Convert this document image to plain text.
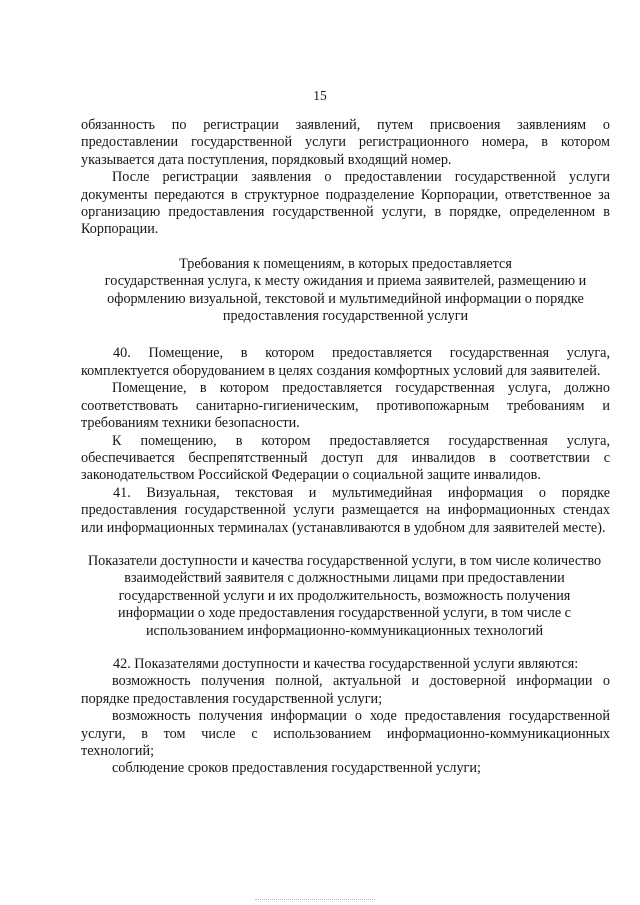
15

обязанность по регистрации заявлений, путем присвоения заявлениям о предоставлении государственной услуги регистрационного номера, в котором указывается дата поступления, порядковый входящий номер.

После регистрации заявления о предоставлении государственной услуги документы передаются в структурное подразделение Корпорации, ответственное за организацию предоставления государственной услуги, в порядке, определенном в Корпорации.

Требования к помещениям, в которых предоставляется
государственная услуга, к месту ожидания и приема заявителей, размещению и
оформлению визуальной, текстовой и мультимедийной информации о порядке
предоставления государственной услуги

40. Помещение, в котором предоставляется государственная услуга, комплектуется оборудованием в целях создания комфортных условий для заявителей.

Помещение, в котором предоставляется государственная услуга, должно соответствовать санитарно-гигиеническим, противопожарным требованиям и требованиям техники безопасности.

К помещению, в котором предоставляется государственная услуга, обеспечивается беспрепятственный доступ для инвалидов в соответствии с законодательством Российской Федерации о социальной защите инвалидов.

41. Визуальная, текстовая и мультимедийная информация о порядке предоставления государственной услуги размещается на информационных стендах или информационных терминалах (устанавливаются в удобном для заявителей месте).

Показатели доступности и качества государственной услуги, в том числе количество
взаимодействий заявителя с должностными лицами при предоставлении
государственной услуги и их продолжительность, возможность получения
информации о ходе предоставления государственной услуги, в том числе с
использованием информационно-коммуникационных технологий

42. Показателями доступности и качества государственной услуги являются:

возможность получения полной, актуальной и достоверной информации о порядке предоставления государственной услуги;

возможность получения информации о ходе предоставления государственной услуги, в том числе с использованием информационно-коммуникационных технологий;

соблюдение сроков предоставления государственной услуги;
